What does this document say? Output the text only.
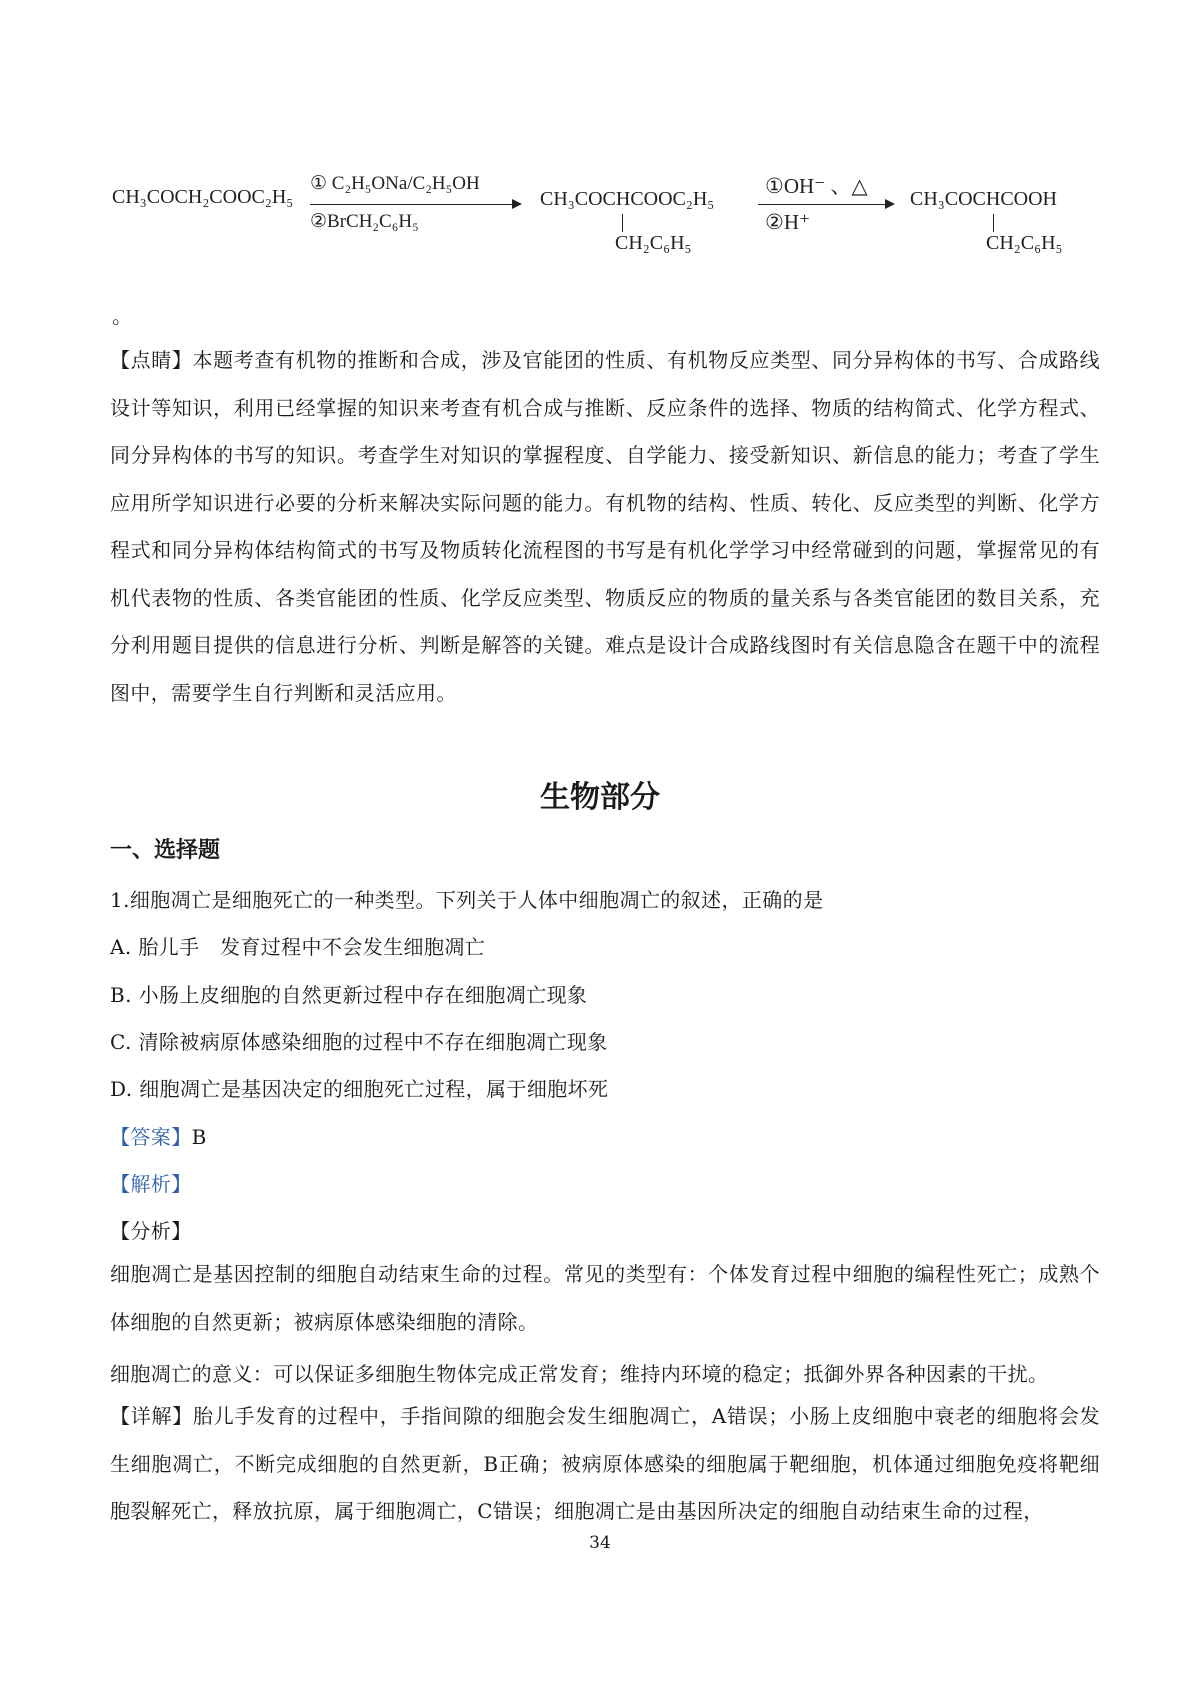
CH₃COCH₂COOC₂H₅
① C₂H₅ONa/C₂H₅OH
②BrCH₂C₆H₅
CH₃COCHCOOC₂H₅
CH₂C₆H₅
①OH⁻ 、△
②H⁺
CH₃COCHCOOH
CH₂C₆H₅
。
【点睛】本题考查有机物的推断和合成，涉及官能团的性质、有机物反应类型、同分异构体的书写、合成路线设计等知识，利用已经掌握的知识来考查有机合成与推断、反应条件的选择、物质的结构简式、化学方程式、同分异构体的书写的知识。考查学生对知识的掌握程度、自学能力、接受新知识、新信息的能力；考查了学生应用所学知识进行必要的分析来解决实际问题的能力。有机物的结构、性质、转化、反应类型的判断、化学方程式和同分异构体结构简式的书写及物质转化流程图的书写是有机化学学习中经常碰到的问题，掌握常见的有机代表物的性质、各类官能团的性质、化学反应类型、物质反应的物质的量关系与各类官能团的数目关系，充分利用题目提供的信息进行分析、判断是解答的关键。难点是设计合成路线图时有关信息隐含在题干中的流程图中，需要学生自行判断和灵活应用。
生物部分
一、选择题
1.细胞凋亡是细胞死亡的一种类型。下列关于人体中细胞凋亡的叙述，正确的是
A. 胎儿手　发育过程中不会发生细胞凋亡
B. 小肠上皮细胞的自然更新过程中存在细胞凋亡现象
C. 清除被病原体感染细胞的过程中不存在细胞凋亡现象
D. 细胞凋亡是基因决定的细胞死亡过程，属于细胞坏死
【答案】B
【解析】
【分析】
细胞凋亡是基因控制的细胞自动结束生命的过程。常见的类型有：个体发育过程中细胞的编程性死亡；成熟个体细胞的自然更新；被病原体感染细胞的清除。
细胞凋亡的意义：可以保证多细胞生物体完成正常发育；维持内环境的稳定；抵御外界各种因素的干扰。
【详解】胎儿手发育的过程中，手指间隙的细胞会发生细胞凋亡，A错误；小肠上皮细胞中衰老的细胞将会发生细胞凋亡，不断完成细胞的自然更新，B正确；被病原体感染的细胞属于靶细胞，机体通过细胞免疫将靶细胞裂解死亡，释放抗原，属于细胞凋亡，C错误；细胞凋亡是由基因所决定的细胞自动结束生命的过程，
34
